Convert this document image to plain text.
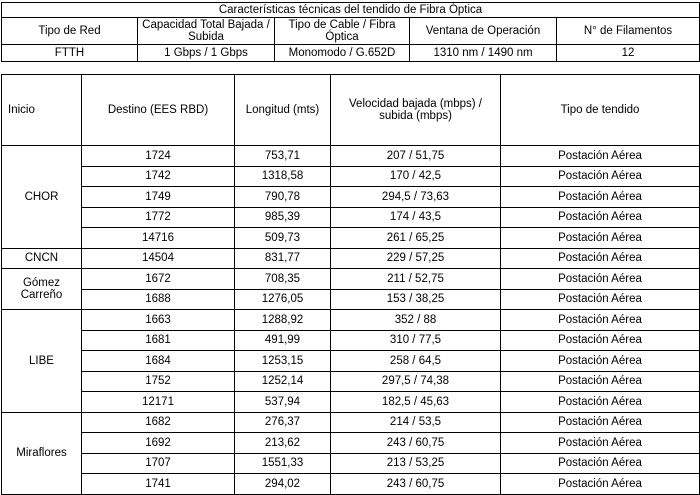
Características técnicas del tendido de Fibra Óptica				
Tipo de Red	Capacidad Total Bajada / Subida	Tipo de Cable / Fibra Óptica	Ventana de Operación	N° de Filamentos
FTTH	1 Gbps / 1 Gbps	Monomodo / G.652D	1310 nm / 1490 nm	12
Inicio	Destino (EES RBD)	Longitud (mts)	Velocidad bajada (mbps) / subida (mbps)	Tipo de tendido
CHOR	1724	753,71	207 / 51,75	Postación Aérea
	1742	1318,58	170 / 42,5	Postación Aérea
	1749	790,78	294,5 / 73,63	Postación Aérea
	1772	985,39	174 / 43,5	Postación Aérea
	14716	509,73	261 / 65,25	Postación Aérea
CNCN	14504	831,77	229 / 57,25	Postación Aérea
Gómez Carreño	1672	708,35	211 / 52,75	Postación Aérea
	1688	1276,05	153 / 38,25	Postación Aérea
LIBE	1663	1288,92	352 / 88	Postación Aérea
	1681	491,99	310 / 77,5	Postación Aérea
	1684	1253,15	258 / 64,5	Postación Aérea
	1752	1252,14	297,5 / 74,38	Postación Aérea
	12171	537,94	182,5 / 45,63	Postación Aérea
Miraflores	1682	276,37	214 / 53,5	Postación Aérea
	1692	213,62	243 / 60,75	Postación Aérea
	1707	1551,33	213 / 53,25	Postación Aérea
	1741	294,02	243 / 60,75	Postación Aérea
